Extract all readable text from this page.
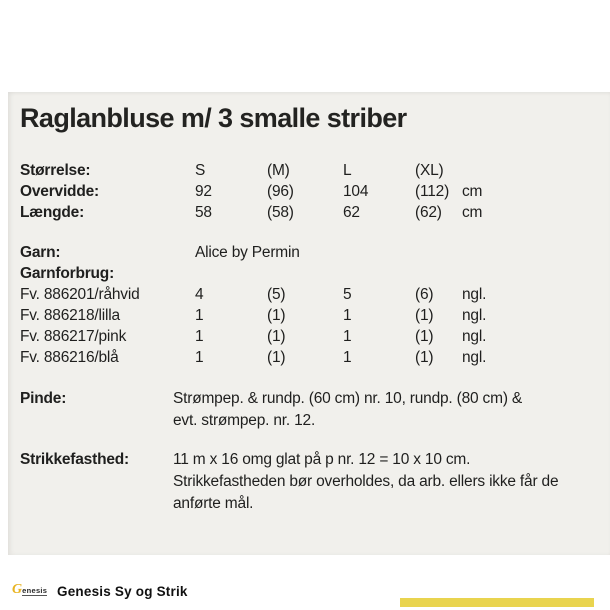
Raglanbluse m/ 3 smalle striber
Størrelse:	S	(M)	L	(XL)
Overvidde:	92	(96)	104	(112) cm
Længde:	58	(58)	62	(62) cm
Garn:	Alice by Permin
Garnforbrug:
Fv. 886201/råhvid	4	(5)	5	(6) ngl.
Fv. 886218/lilla	1	(1)	1	(1) ngl.
Fv. 886217/pink	1	(1)	1	(1) ngl.
Fv. 886216/blå	1	(1)	1	(1) ngl.
Pinde:	Strømpep. & rundp. (60 cm) nr. 10, rundp. (80 cm) &
evt. strømpep. nr. 12.
Strikkefasthed:	11 m x 16 omg glat på p nr. 12 = 10 x 10 cm.
Strikkefastheden bør overholdes, da arb. ellers ikke får de
anførte mål.
G enesis Genesis Sy og Strik
